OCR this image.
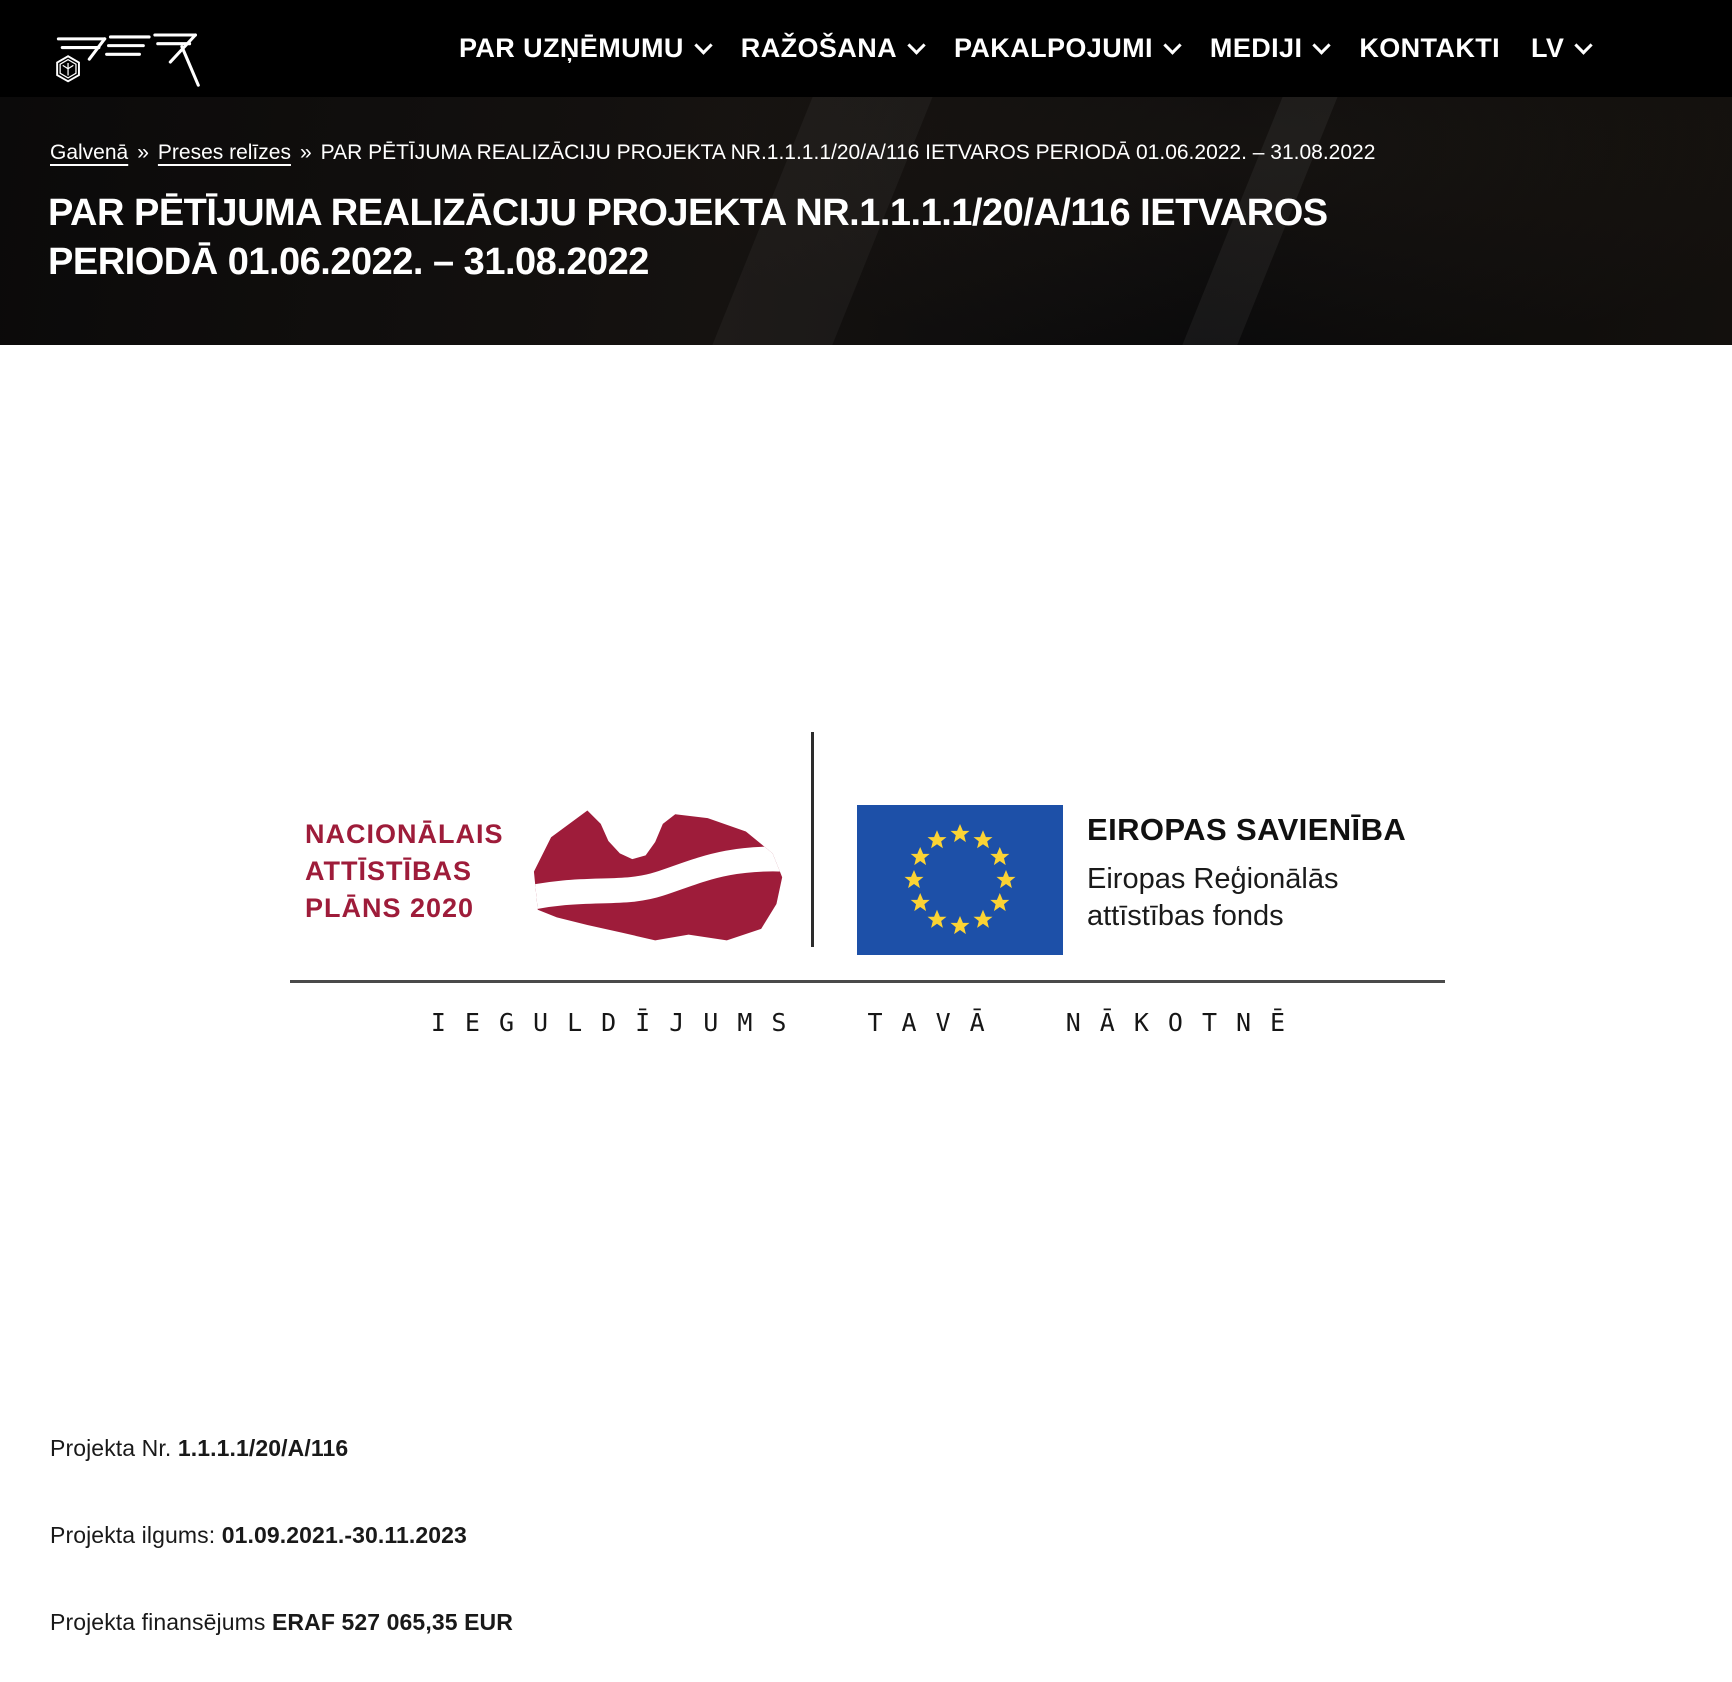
PAR UZŅĒMUMU RAŽOŠANA PAKALPOJUMI MEDIJI KONTAKTI LV
Galvenā » Preses relīzes » PAR PĒTĪJUMA REALIZĀCIJU PROJEKTA NR.1.1.1.1/20/A/116 IETVAROS PERIODĀ 01.06.2022. – 31.08.2022
PAR PĒTĪJUMA REALIZĀCIJU PROJEKTA NR.1.1.1.1/20/A/116 IETVAROS
PERIODĀ 01.06.2022. – 31.08.2022
NACIONĀLAIS
ATTĪSTĪBAS
PLĀNS 2020
EIROPAS SAVIENĪBA
Eiropas Reģionālās
attīstības fonds
IEGULDĪJUMS TAVĀ NĀKOTNĒ
Projekta Nr. 1.1.1.1/20/A/116
Projekta ilgums: 01.09.2021.-30.11.2023
Projekta finansējums ERAF 527 065,35 EUR
